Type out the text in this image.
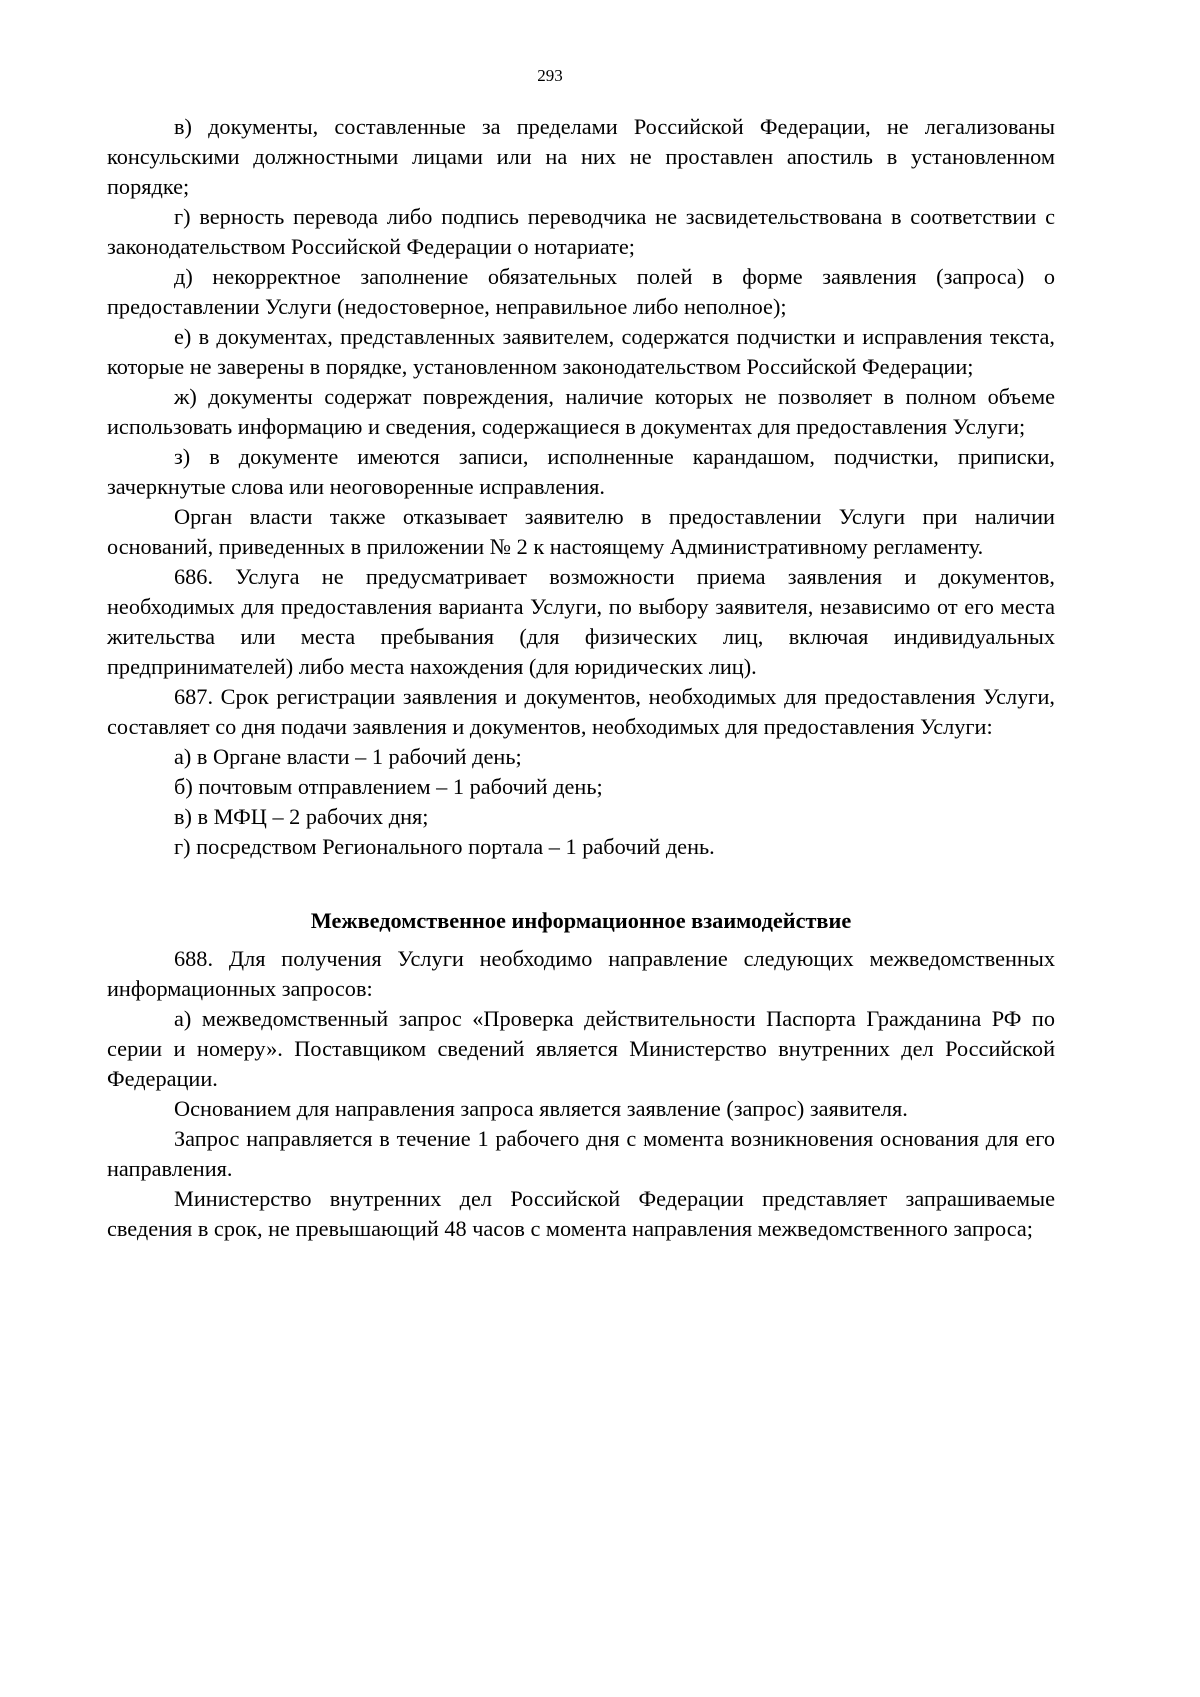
293

в) документы, составленные за пределами Российской Федерации, не легализованы консульскими должностными лицами или на них не проставлен апостиль в установленном порядке;

г) верность перевода либо подпись переводчика не засвидетельствована в соответствии с законодательством Российской Федерации о нотариате;

д) некорректное заполнение обязательных полей в форме заявления (запроса) о предоставлении Услуги (недостоверное, неправильное либо неполное);

е) в документах, представленных заявителем, содержатся подчистки и исправления текста, которые не заверены в порядке, установленном законодательством Российской Федерации;

ж) документы содержат повреждения, наличие которых не позволяет в полном объеме использовать информацию и сведения, содержащиеся в документах для предоставления Услуги;

з) в документе имеются записи, исполненные карандашом, подчистки, приписки, зачеркнутые слова или неоговоренные исправления.

Орган власти также отказывает заявителю в предоставлении Услуги при наличии оснований, приведенных в приложении № 2 к настоящему Административному регламенту.

686. Услуга не предусматривает возможности приема заявления и документов, необходимых для предоставления варианта Услуги, по выбору заявителя, независимо от его места жительства или места пребывания (для физических лиц, включая индивидуальных предпринимателей) либо места нахождения (для юридических лиц).

687. Срок регистрации заявления и документов, необходимых для предоставления Услуги, составляет со дня подачи заявления и документов, необходимых для предоставления Услуги:

а) в Органе власти – 1 рабочий день;

б) почтовым отправлением – 1 рабочий день;

в) в МФЦ – 2 рабочих дня;

г) посредством Регионального портала – 1 рабочий день.

Межведомственное информационное взаимодействие

688. Для получения Услуги необходимо направление следующих межведомственных информационных запросов:

а) межведомственный запрос «Проверка действительности Паспорта Гражданина РФ по серии и номеру». Поставщиком сведений является Министерство внутренних дел Российской Федерации.

Основанием для направления запроса является заявление (запрос) заявителя.

Запрос направляется в течение 1 рабочего дня с момента возникновения основания для его направления.

Министерство внутренних дел Российской Федерации представляет запрашиваемые сведения в срок, не превышающий 48 часов с момента направления межведомственного запроса;
